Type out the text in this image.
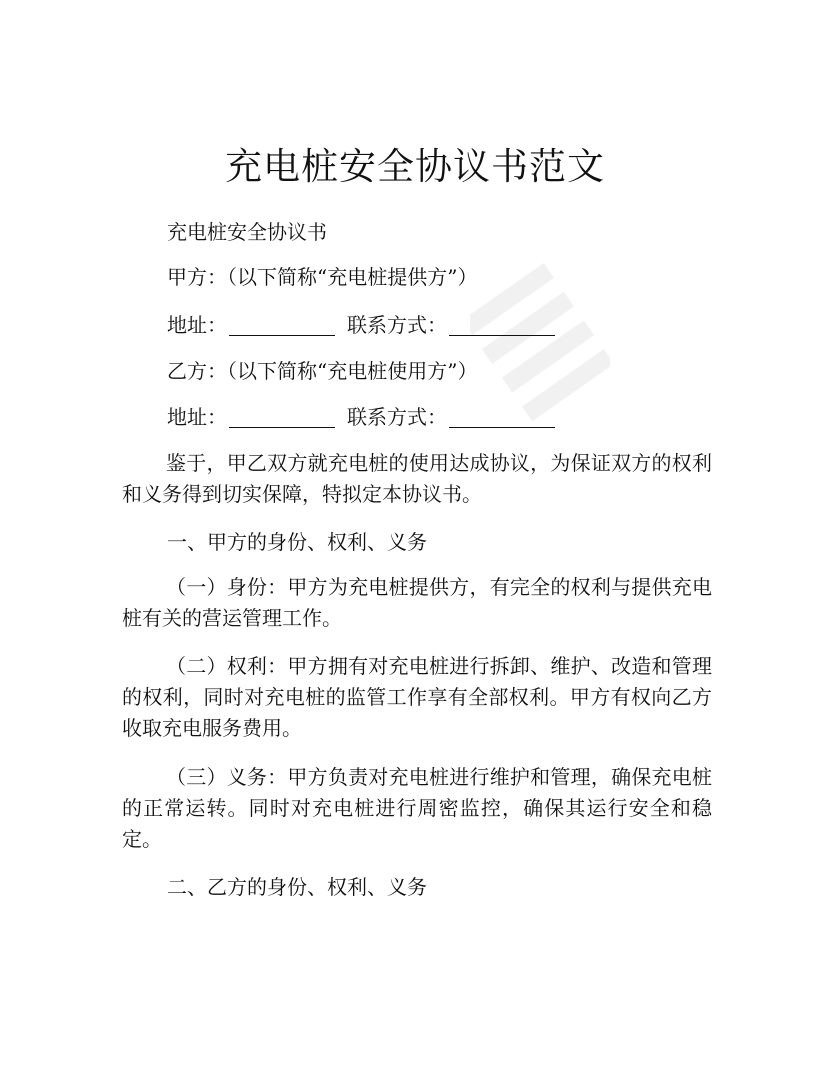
充电桩安全协议书范文
充电桩安全协议书
甲方：（以下简称“充电桩提供方”）
地址：	联系方式：
乙方：（以下简称“充电桩使用方”）
地址：	联系方式：
鉴于，甲乙双方就充电桩的使用达成协议，为保证双方的权利和义务得到切实保障，特拟定本协议书。
一、甲方的身份、权利、义务
（一）身份：甲方为充电桩提供方，有完全的权利与提供充电桩有关的营运管理工作。
（二）权利：甲方拥有对充电桩进行拆卸、维护、改造和管理的权利，同时对充电桩的监管工作享有全部权利。甲方有权向乙方收取充电服务费用。
（三）义务：甲方负责对充电桩进行维护和管理，确保充电桩的正常运转。同时对充电桩进行周密监控，确保其运行安全和稳定。
二、乙方的身份、权利、义务
